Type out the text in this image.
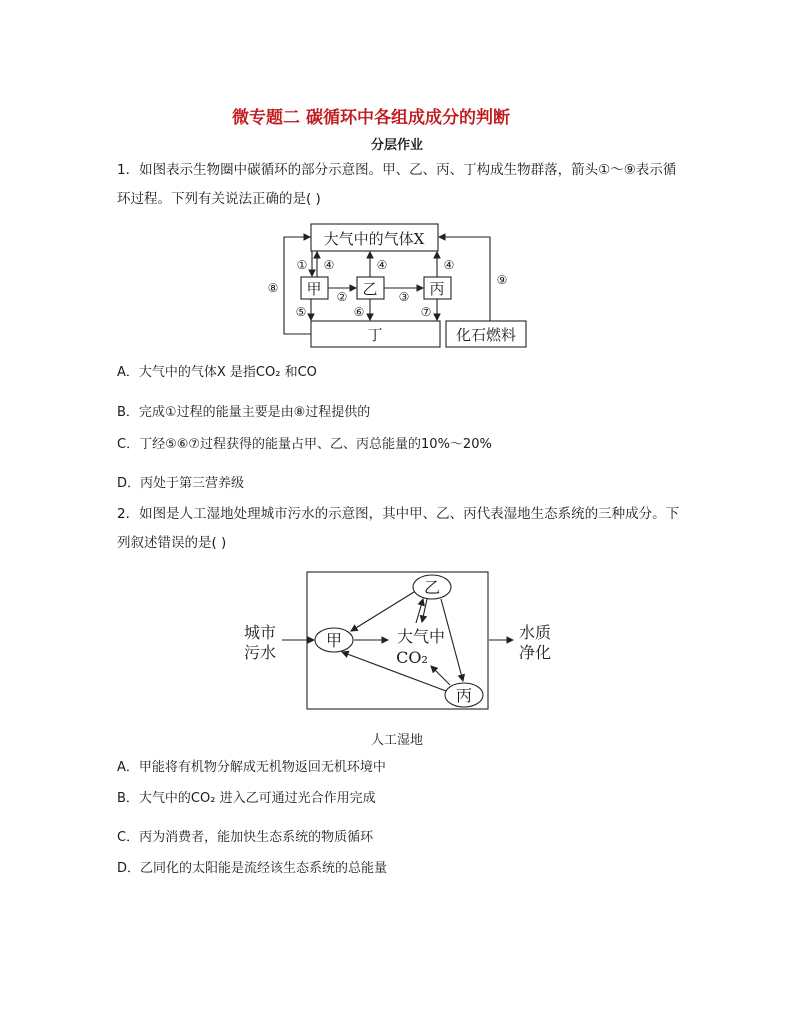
微专题二 碳循环中各组成成分的判断
分层作业
1．如图表示生物圈中碳循环的部分示意图。甲、乙、丙、丁构成生物群落，箭头①～⑨表示循
环过程。下列有关说法正确的是( )
大气中的气体X
甲	乙	丙
丁	化石燃料
① ④	④	④
②	③
⑤	⑥	⑦
⑧
⑨
A．大气中的气体X 是指CO₂ 和CO
B．完成①过程的能量主要是由⑧过程提供的
C．丁经⑤⑥⑦过程获得的能量占甲、乙、丙总能量的10%～20%
D．丙处于第三营养级
2．如图是人工湿地处理城市污水的示意图，其中甲、乙、丙代表湿地生态系统的三种成分。下
列叙述错误的是( )
城市
污水
水质
净化
大气中
CO₂
乙
甲
丙
人工湿地
A．甲能将有机物分解成无机物返回无机环境中
B．大气中的CO₂ 进入乙可通过光合作用完成
C．丙为消费者，能加快生态系统的物质循环
D．乙同化的太阳能是流经该生态系统的总能量
